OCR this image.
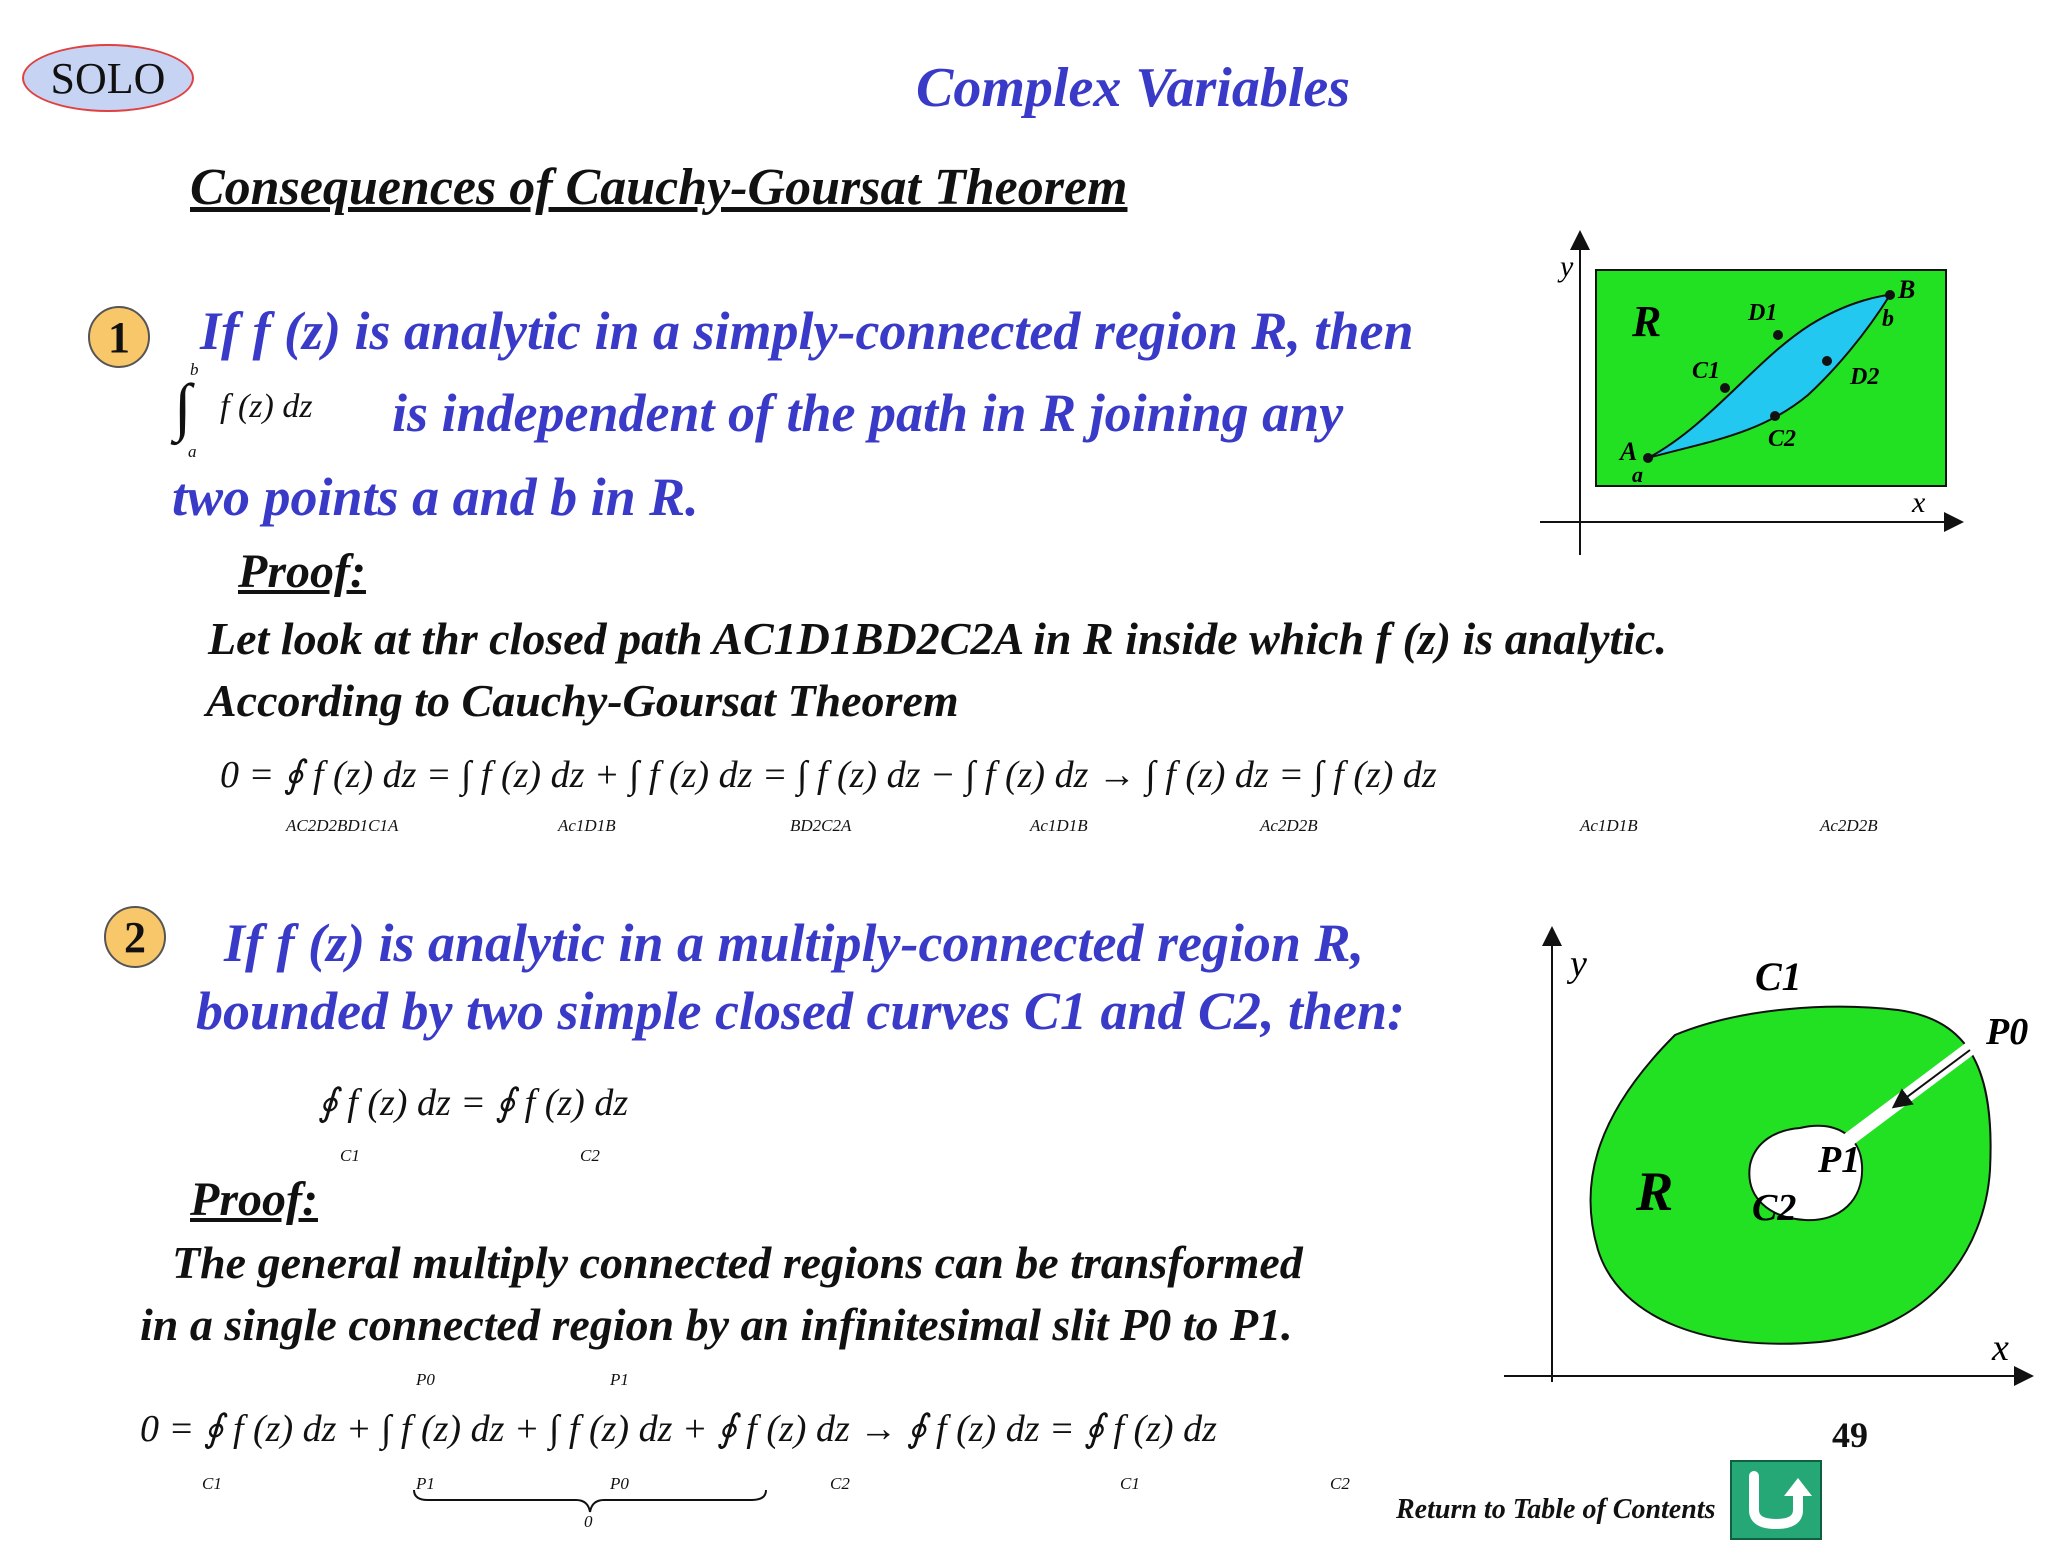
SOLO	Complex Variables
Consequences of Cauchy-Goursat Theorem
1	If f (z) is analytic in a simply-connected region R, then
b
∫
a
f (z) dz is independent of the path in R joining any
two points a and b in R.
Proof:
Let look at thr closed path AC1D1BD2C2A in R inside which f (z) is analytic.
According to Cauchy-Goursat Theorem
0 = ∮ f (z) dz = ∫ f (z) dz + ∫ f (z) dz = ∫ f (z) dz − ∫ f (z) dz → ∫ f (z) dz = ∫ f (z) dz
AC2D2BD1C1A	Ac1D1B	BD2C2A	Ac1D1B	Ac2D2B	Ac1D1B	Ac2D2B
y
x
R
A
a
B
b
C1
D1
C2
D2
2	If f (z) is analytic in a multiply-connected region R,
bounded by two simple closed curves C1 and C2, then:
∮ f (z) dz = ∮ f (z) dz
C1	C2
Proof:
The general multiply connected regions can be transformed
in a single connected region by an infinitesimal slit P0 to P1.
0 = ∮ f (z) dz + ∫ f (z) dz + ∫ f (z) dz + ∮ f (z) dz → ∮ f (z) dz = ∮ f (z) dz
C1
P0
P1
P1
P0	C2	C1	C2
0
y
x
R
C1
C2
P0
P1
49
Return to Table of Contents
